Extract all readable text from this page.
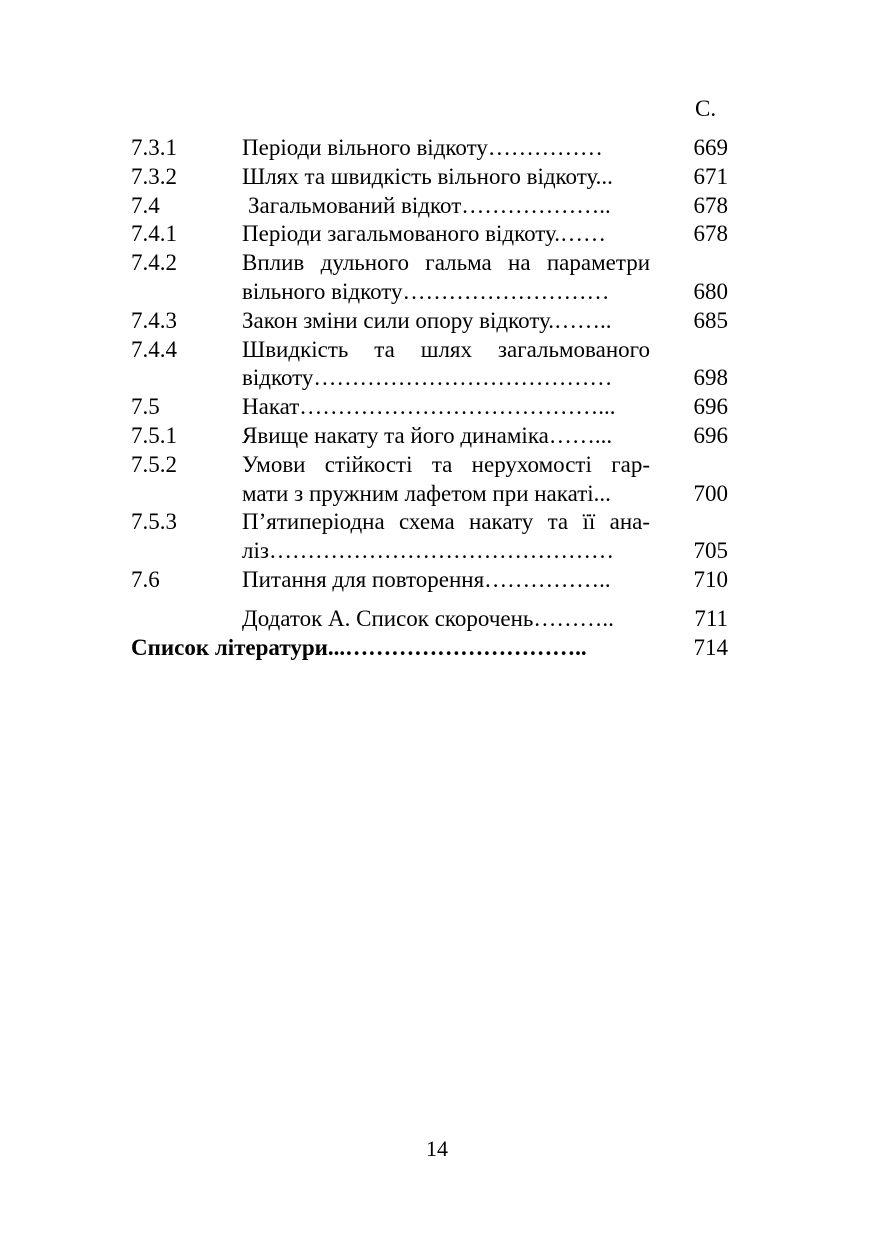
С.
7.3.1	Періоди вільного відкоту……………	669
7.3.2	Шлях та швидкість вільного відкоту...	671
7.4	Загальмований відкот………………..	678
7.4.1	Періоди загальмованого відкоту.……	678
7.4.2	Вплив дульного гальма на параметри
вільного відкоту………………………	680
7.4.3	Закон зміни сили опору відкоту.……..	685
7.4.4	Швидкість та шлях загальмованого
відкоту…………………………………	698
7.5	Накат…………………………………...	696
7.5.1	Явище накату та його динаміка……...	696
7.5.2	Умови стійкості та нерухомості гар-
мати з пружним лафетом при накаті...	700
7.5.3	П’ятиперіодна схема накату та її ана-
ліз………………………………………	705
7.6	Питання для повторення……………..	710
Додаток А. Список скорочень………..	711
Список літератури...…………………………..	714
14
